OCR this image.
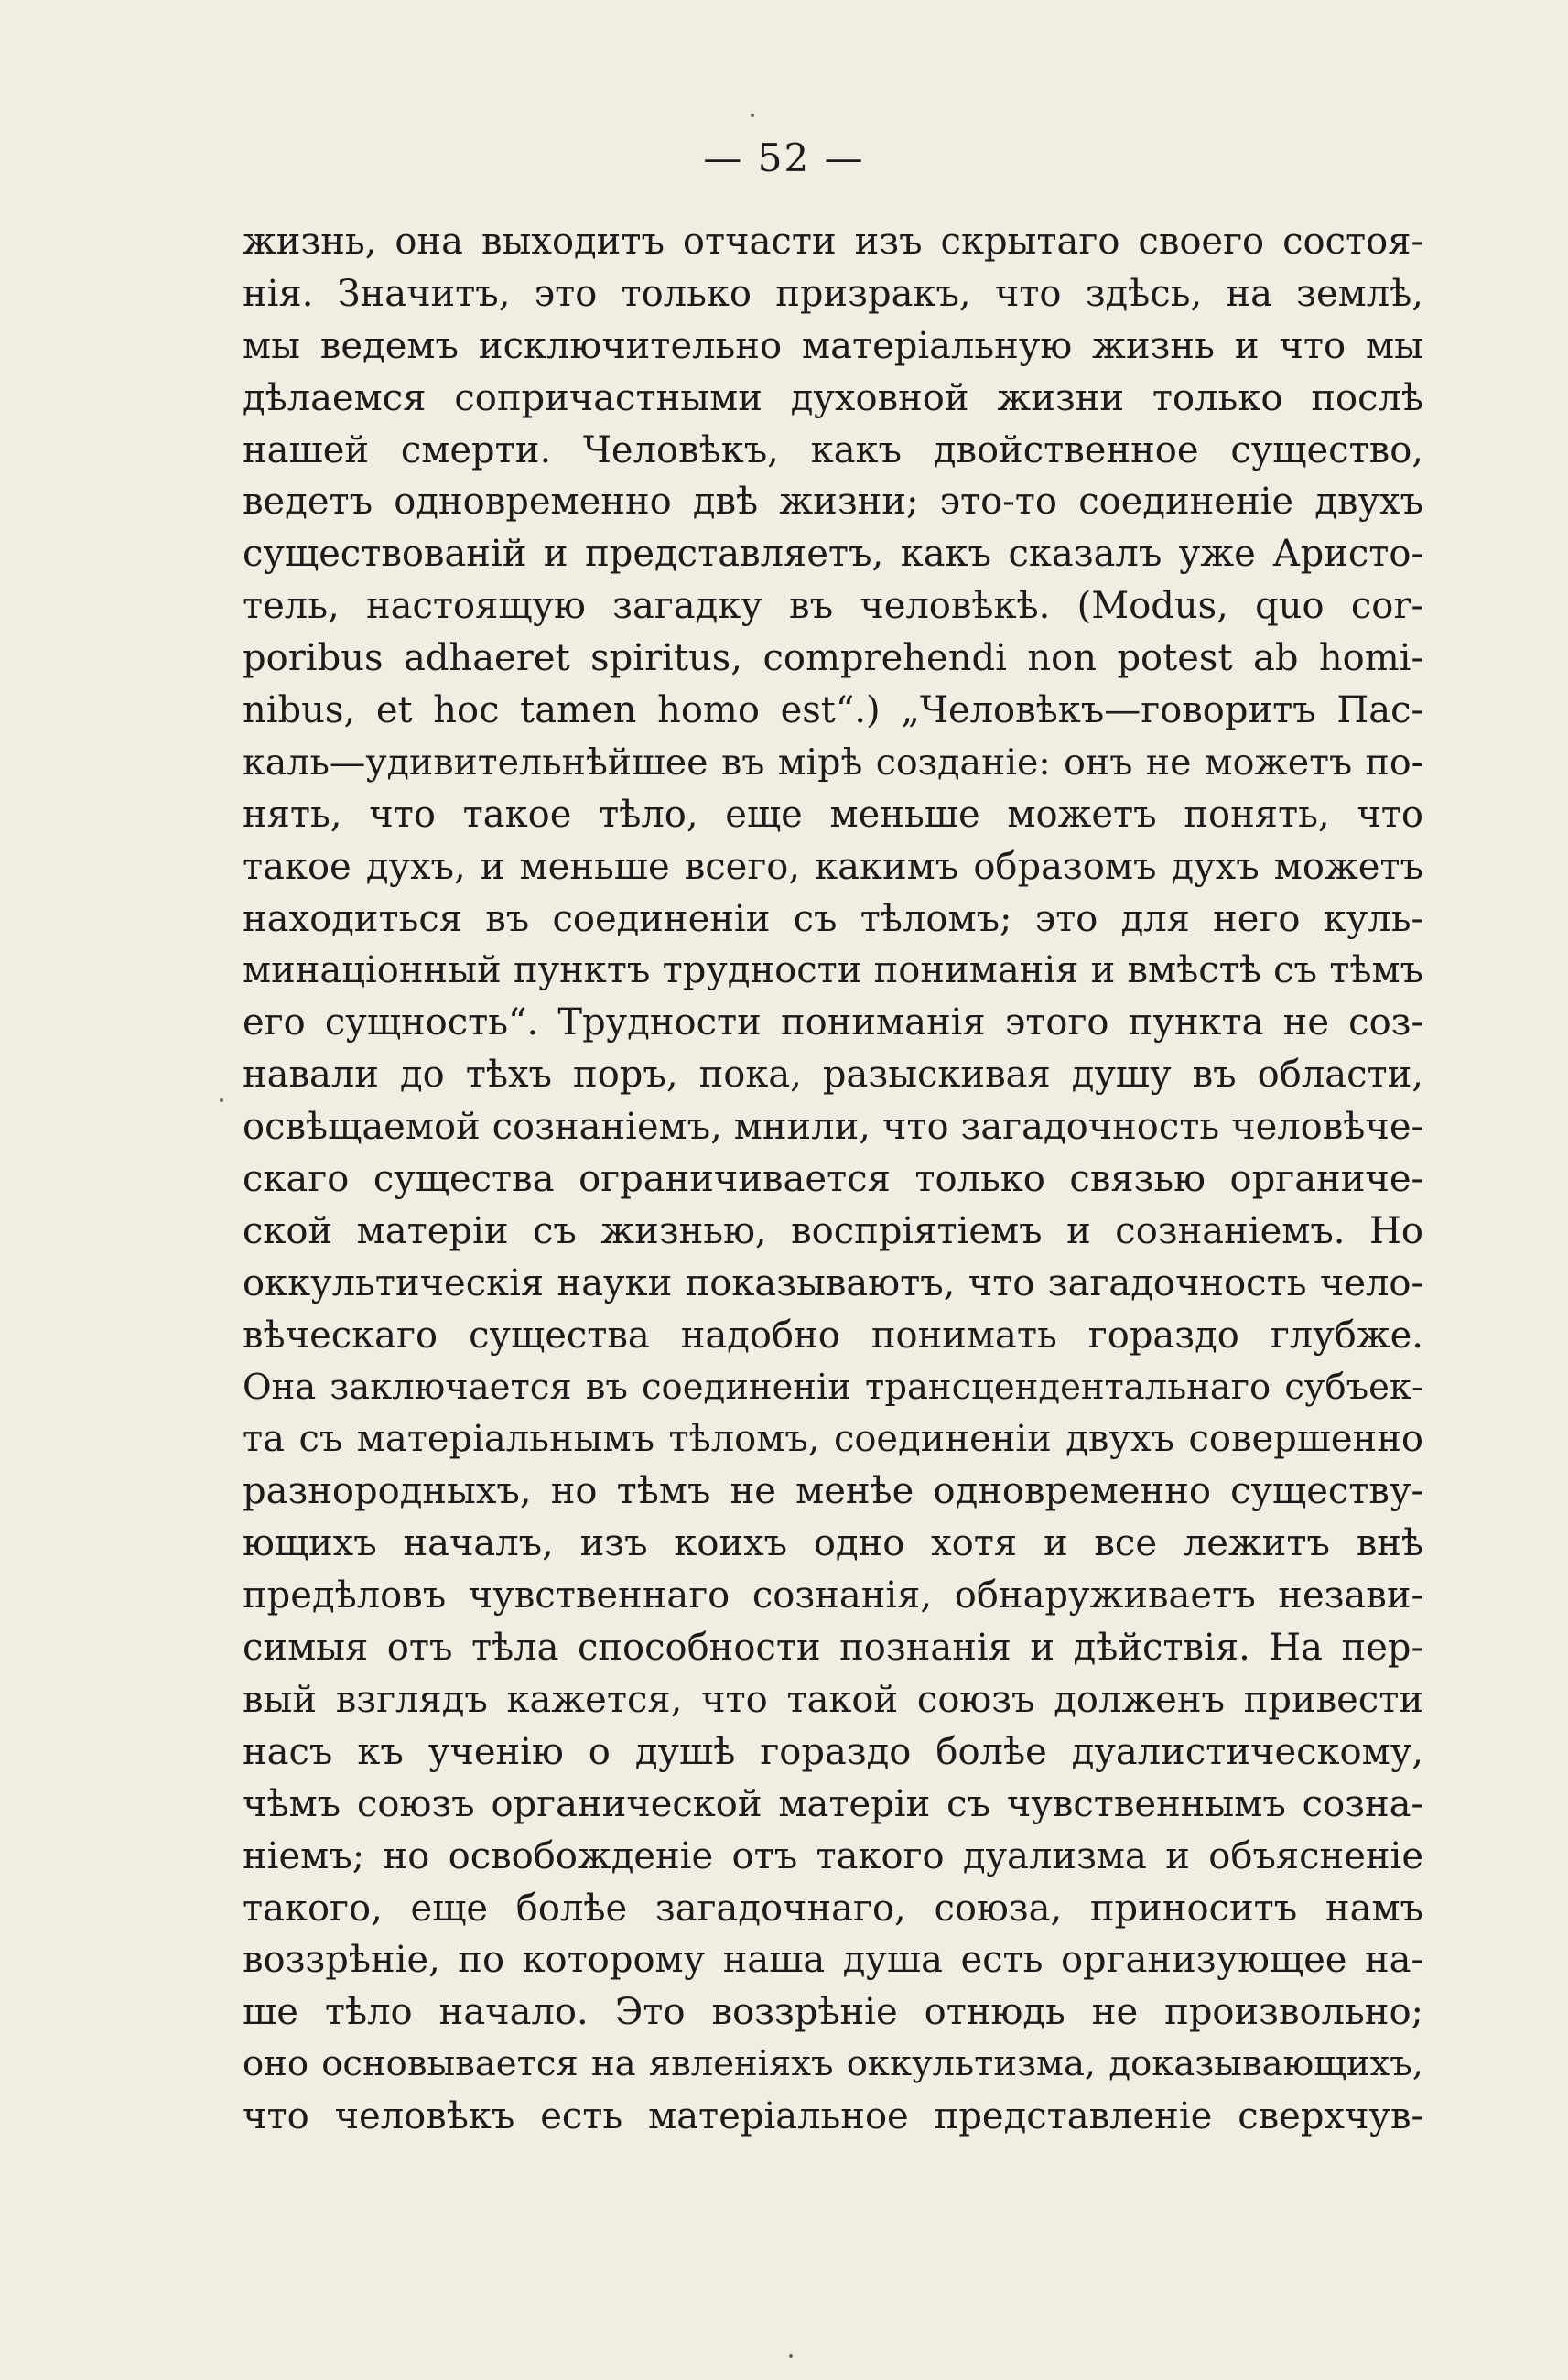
— 52 —
жизнь, она выходитъ отчасти изъ скрытаго своего состоя-
нія. Значитъ, это только призракъ, что здѣсь, на землѣ,
мы ведемъ исключительно матеріальную жизнь и что мы
дѣлаемся сопричастными духовной жизни только послѣ
нашей смерти. Человѣкъ, какъ двойственное существо,
ведетъ одновременно двѣ жизни; это-то соединеніе двухъ
существованій и представляетъ, какъ сказалъ уже Аристо-
тель, настоящую загадку въ человѣкѣ. (Modus, quo cor-
poribus adhaeret spiritus, comprehendi non potest ab homi-
nibus, et hoc tamen homo est“.) „Человѣкъ—говоритъ Пас-
каль—удивительнѣйшее въ мірѣ созданіе: онъ не можетъ по-
нять, что такое тѣло, еще меньше можетъ понять, что
такое духъ, и меньше всего, какимъ образомъ духъ можетъ
находиться въ соединеніи съ тѣломъ; это для него куль-
минаціонный пунктъ трудности пониманія и вмѣстѣ съ тѣмъ
его сущность“. Трудности пониманія этого пункта не соз-
навали до тѣхъ поръ, пока, разыскивая душу въ области,
освѣщаемой сознаніемъ, мнили, что загадочность человѣче-
скаго существа ограничивается только связью органиче-
ской матеріи съ жизнью, воспріятіемъ и сознаніемъ. Но
оккультическія науки показываютъ, что загадочность чело-
вѣческаго существа надобно понимать гораздо глубже.
Она заключается въ соединеніи трансцендентальнаго субъек-
та съ матеріальнымъ тѣломъ, соединеніи двухъ совершенно
разнородныхъ, но тѣмъ не менѣе одновременно существу-
ющихъ началъ, изъ коихъ одно хотя и все лежитъ внѣ
предѣловъ чувственнаго сознанія, обнаруживаетъ незави-
симыя отъ тѣла способности познанія и дѣйствія. На пер-
вый взглядъ кажется, что такой союзъ долженъ привести
насъ къ ученію о душѣ гораздо болѣе дуалистическому,
чѣмъ союзъ органической матеріи съ чувственнымъ созна-
ніемъ; но освобожденіе отъ такого дуализма и объясненіе
такого, еще болѣе загадочнаго, союза, приноситъ намъ
воззрѣніе, по которому наша душа есть организующее на-
ше тѣло начало. Это воззрѣніе отнюдь не произвольно;
оно основывается на явленіяхъ оккультизма, доказывающихъ,
что человѣкъ есть матеріальное представленіе сверхчув-
